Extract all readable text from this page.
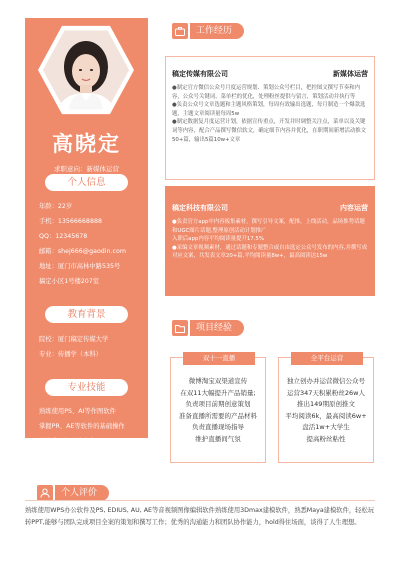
高晓定
求职意向：新媒体运营
个人信息
年龄：22岁
手机：13566668888
QQ：12345678
邮箱：shej666@gaodin.com
地址：厦门市高林中路535号
稿定小区1号楼207室
教育背景
院校：厦门稿定传媒大学
专业：传播学（本科）
专业技能
熟练使用PS、AI等作图软件
掌握PR、AE等软件的基础操作
熟练使用相关软件和工具
工作经历
稿定传媒有限公司	新媒体运营
●制定官方微信公众号月度运营规划、策划公众号栏目，把控图文撰写节奏和内容，公众号关键词、菜单栏的优化，处理粉丝提供与留言，策划活动并执行等
●负责公众号文章选题和主题风格策划，每周有效输出选题，每月制造一个爆款选题，主题文章阅读量每周5w
●制定数据复月度运营计划，依据宣传重点，开发并时调整关注点，菜单以及关键词等内容，配合产品撰写微信软文，确定细节内容并优化，在职期间新增活动推文50+篇，输出5篇10w+文章
稿定科技有限公司	内容运营
●负责官方app中内容板集素材，撰写引导文案，配推，上线活动，品场推势话题和UGC图片话题,整理原创活动计划推广
入职后app内容平均阅读量提升17.5%
●采编文章视频素材，通过话题和专题整合或自由选定公众号发布的内容,并撰写成对应文案，共发表文章20+篇,平均阅读量8w+，最高阅读达15w
项目经验
双十一直播
微博淘宝双渠道宣传
在双11大幅提升产品销量;
负责项目前期创意策划
准备直播所需要的产品材料
负责直播现场指导
维护直播间气氛
全平台运营
独立创办并运营微信公众号
运营347天积累粉丝26w人
推出149期原创推文
平均阅读6k，最高阅读6w+
盘活1w+大学生
提高粉丝粘性
个人评价
熟练使用WPS办公软件及PS, EDIUS, AU, AE等音视频图像编辑软件熟练使用3Dmax建模软件，熟悉Maya建模软件，轻松玩转PPT,能够与团队完成项目全案的策划和撰写工作；优秀的沟通能力和团队协作能力，hold得住场面，谈得了人生理想。
